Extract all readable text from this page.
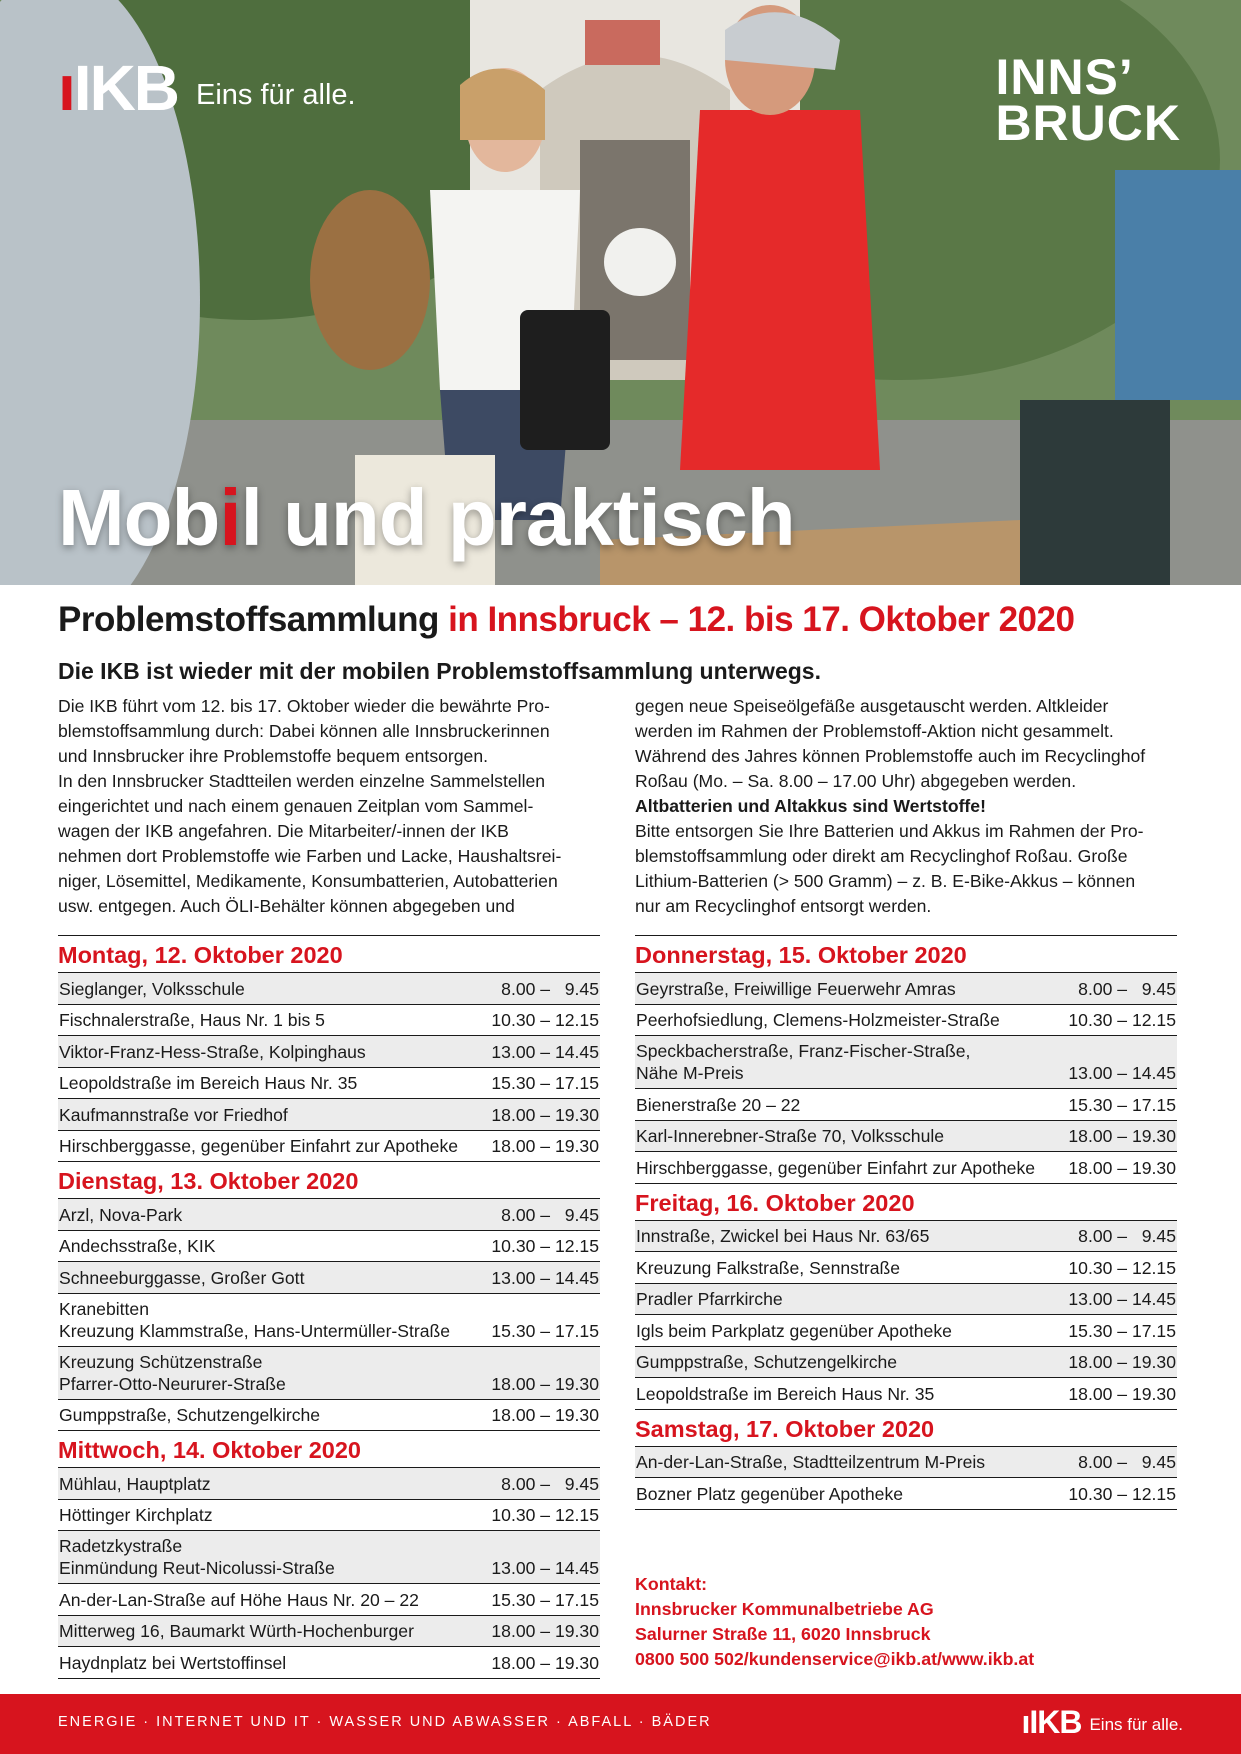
ıIKB Eins für alle.	INNS’
BRUCK
Mobil und praktisch
Problemstoffsammlung in Innsbruck – 12. bis 17. Oktober 2020
Die IKB ist wieder mit der mobilen Problemstoffsammlung unterwegs.

Die IKB führt vom 12. bis 17. Oktober wieder die bewährte Pro-

blemstoffsammlung durch: Dabei können alle Innsbruckerinnen

und Innsbrucker ihre Problemstoffe bequem entsorgen.

In den Innsbrucker Stadtteilen werden einzelne Sammelstellen

eingerichtet und nach einem genauen Zeitplan vom Sammel-

wagen der IKB angefahren. Die Mitarbeiter/-innen der IKB

nehmen dort Problemstoffe wie Farben und Lacke, Haushaltsrei-

niger, Lösemittel, Medikamente, Konsumbatterien, Autobatterien

usw. entgegen. Auch ÖLI-Behälter können abgegeben und

gegen neue Speiseölgefäße ausgetauscht werden. Altkleider

werden im Rahmen der Problemstoff-Aktion nicht gesammelt.

Während des Jahres können Problemstoffe auch im Recyclinghof

Roßau (Mo. – Sa. 8.00 – 17.00 Uhr) abgegeben werden.

Altbatterien und Altakkus sind Wertstoffe!

Bitte entsorgen Sie Ihre Batterien und Akkus im Rahmen der Pro-

blemstoffsammlung oder direkt am Recyclinghof Roßau. Große

Lithium-Batterien (> 500 Gramm) – z. B. E-Bike-Akkus – können

nur am Recyclinghof entsorgt werden.

Montag, 12. Oktober 2020
Sieglanger, Volksschule	8.00 –   9.45
Fischnalerstraße, Haus Nr. 1 bis 5	10.30 – 12.15
Viktor-Franz-Hess-Straße, Kolpinghaus	13.00 – 14.45
Leopoldstraße im Bereich Haus Nr. 35	15.30 – 17.15
Kaufmannstraße vor Friedhof	18.00 – 19.30
Hirschberggasse, gegenüber Einfahrt zur Apotheke 18.00 – 19.30
Dienstag, 13. Oktober 2020
Arzl, Nova-Park	8.00 –   9.45
Andechsstraße, KIK	10.30 – 12.15
Schneeburggasse, Großer Gott	13.00 – 14.45
Kranebitten
Kreuzung Klammstraße, Hans-Untermüller-Straße 15.30 – 17.15
Kreuzung Schützenstraße
Pfarrer-Otto-Neururer-Straße	18.00 – 19.30
Gumppstraße, Schutzengelkirche	18.00 – 19.30
Mittwoch, 14. Oktober 2020
Mühlau, Hauptplatz	8.00 –   9.45
Höttinger Kirchplatz	10.30 – 12.15
Radetzkystraße
Einmündung Reut-Nicolussi-Straße	13.00 – 14.45
An-der-Lan-Straße auf Höhe Haus Nr. 20 – 22	15.30 – 17.15
Mitterweg 16, Baumarkt Würth-Hochenburger	18.00 – 19.30
Haydnplatz bei Wertstoffinsel	18.00 – 19.30
Donnerstag, 15. Oktober 2020
Geyrstraße, Freiwillige Feuerwehr Amras	8.00 –   9.45
Peerhofsiedlung, Clemens-Holzmeister-Straße	10.30 – 12.15
Speckbacherstraße, Franz-Fischer-Straße,
Nähe M-Preis	13.00 – 14.45
Bienerstraße 20 – 22	15.30 – 17.15
Karl-Innerebner-Straße 70, Volksschule	18.00 – 19.30
Hirschberggasse, gegenüber Einfahrt zur Apotheke 18.00 – 19.30
Freitag, 16. Oktober 2020
Innstraße, Zwickel bei Haus Nr. 63/65	8.00 –   9.45
Kreuzung Falkstraße, Sennstraße	10.30 – 12.15
Pradler Pfarrkirche	13.00 – 14.45
Igls beim Parkplatz gegenüber Apotheke	15.30 – 17.15
Gumppstraße, Schutzengelkirche	18.00 – 19.30
Leopoldstraße im Bereich Haus Nr. 35	18.00 – 19.30
Samstag, 17. Oktober 2020
An-der-Lan-Straße, Stadtteilzentrum M-Preis	8.00 –   9.45
Bozner Platz gegenüber Apotheke	10.30 – 12.15
Kontakt:
Innsbrucker Kommunalbetriebe AG
Salurner Straße 11, 6020 Innsbruck
0800 500 502/kundenservice@ikb.at/www.ikb.at
ENERGIE · INTERNET UND IT · WASSER UND ABWASSER · ABFALL · BÄDER	ıIKB Eins für alle.
